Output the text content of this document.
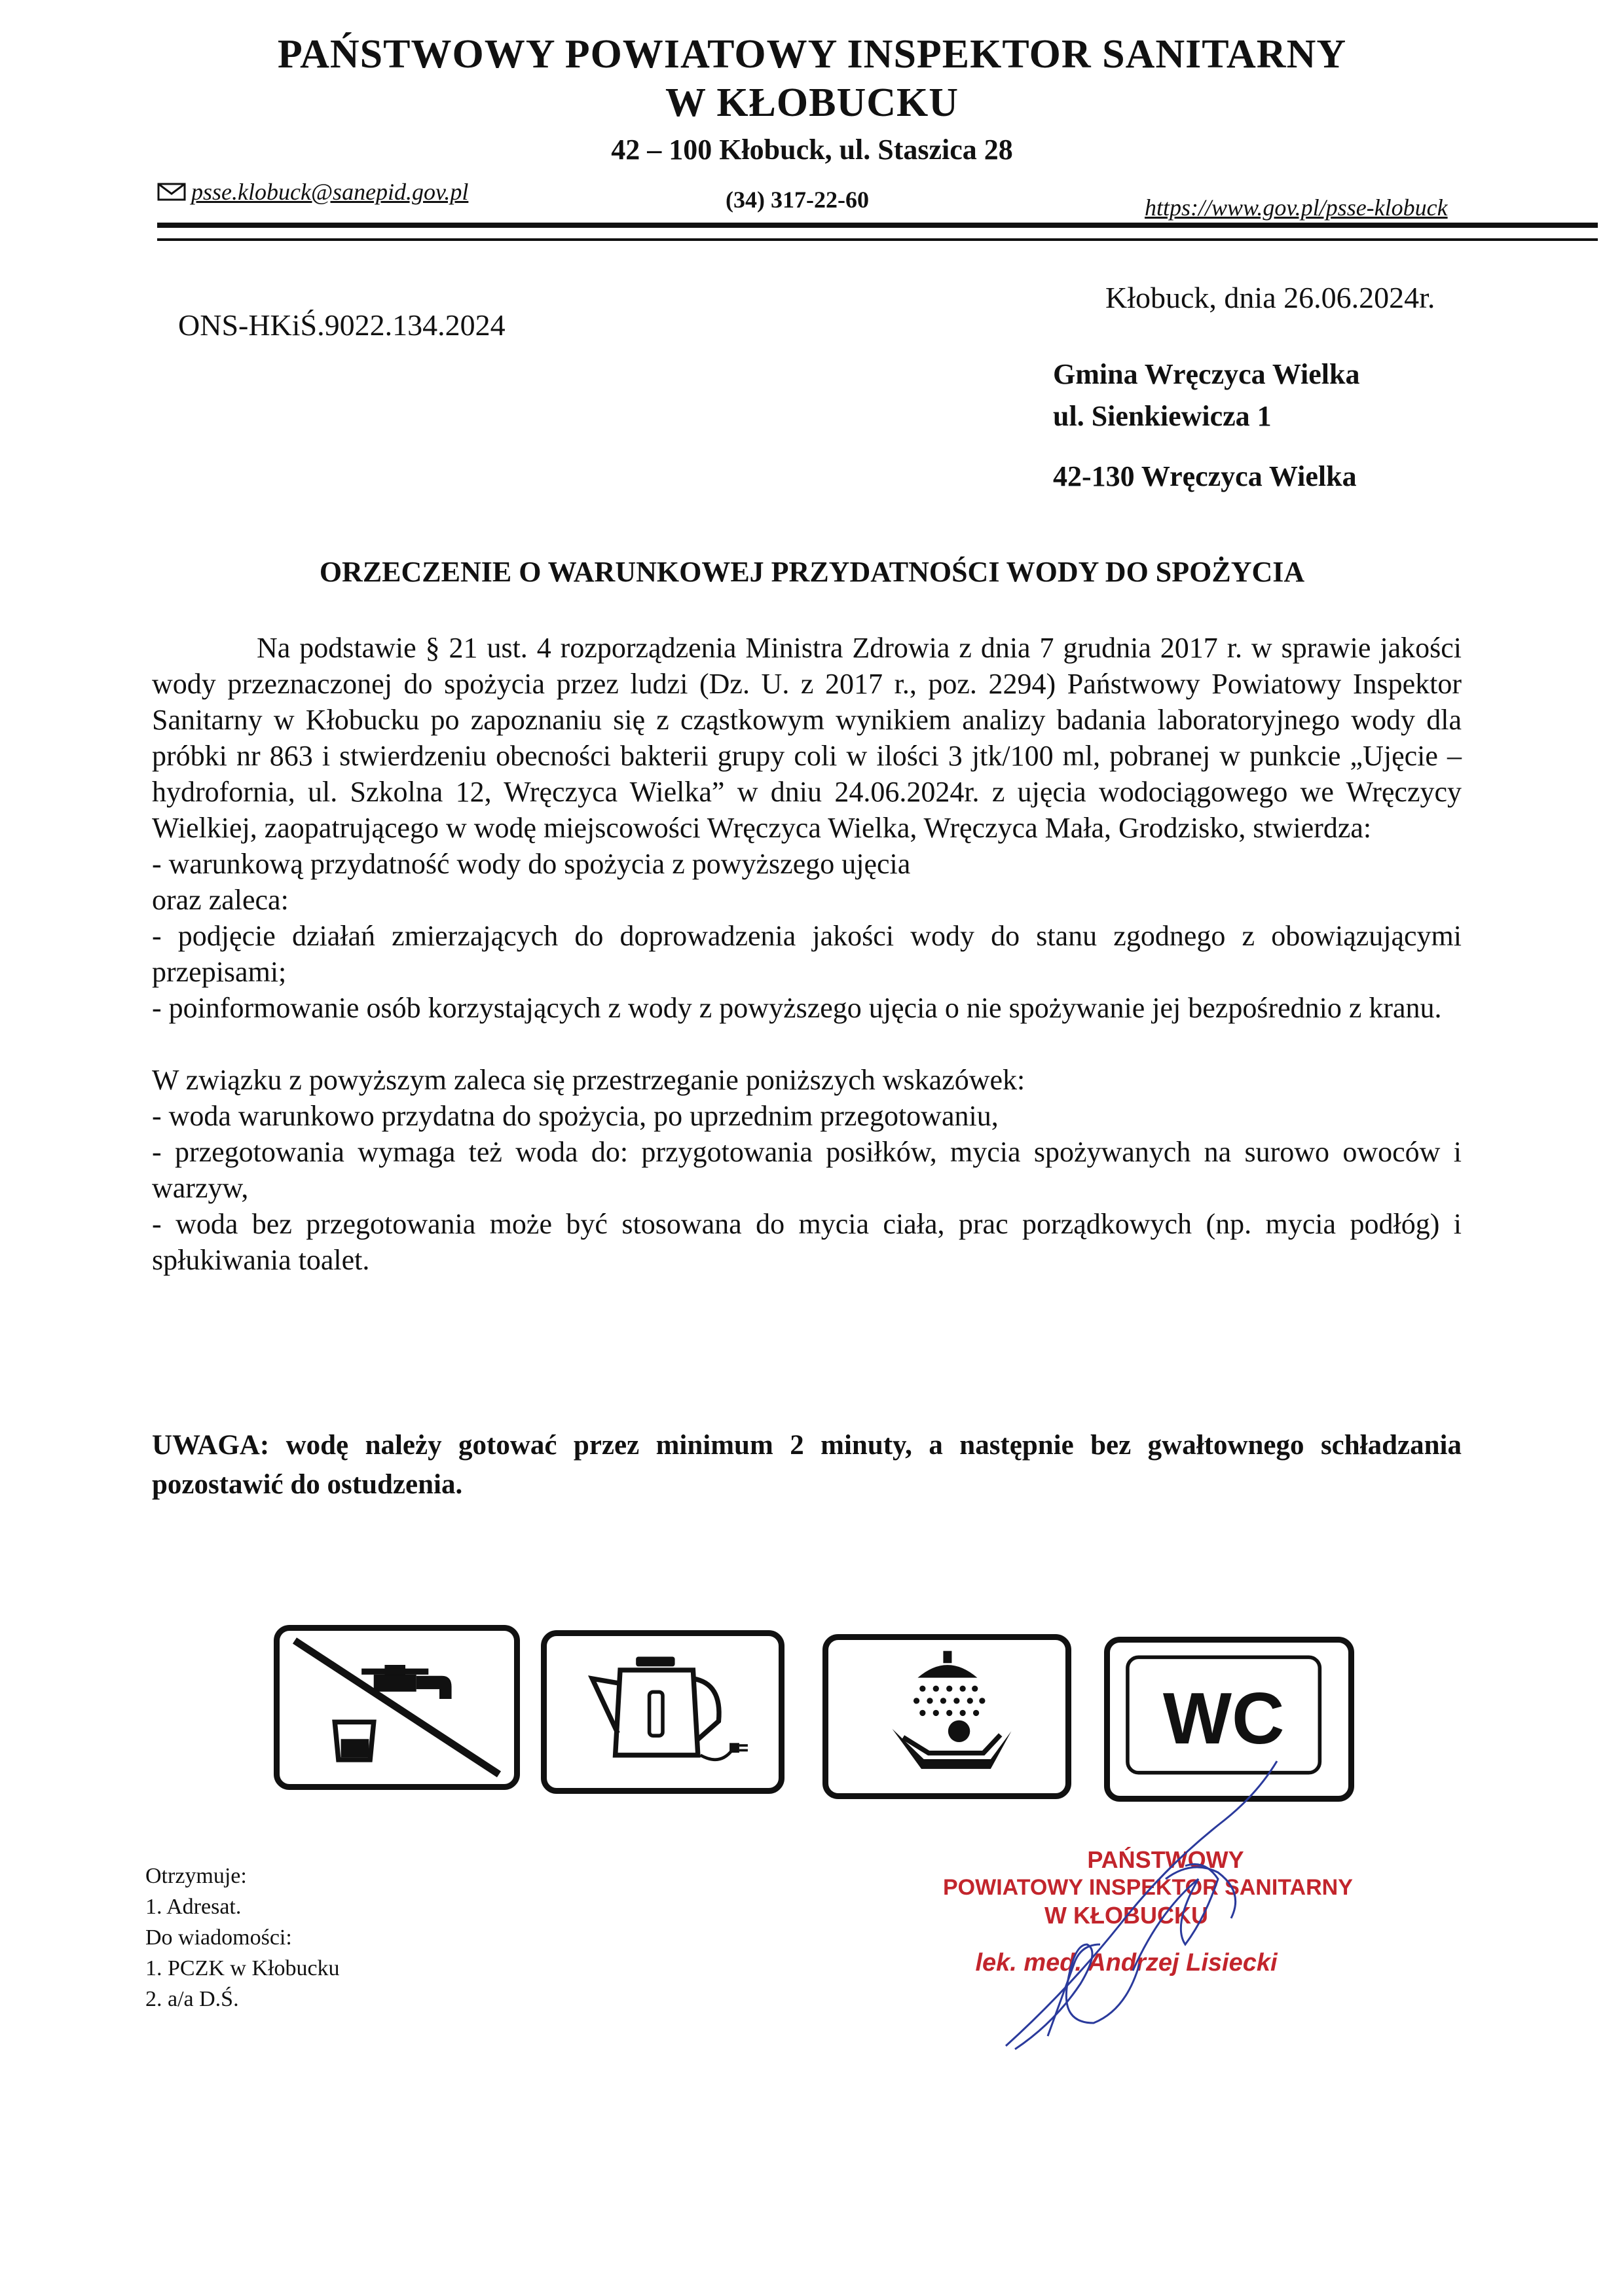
PAŃSTWOWY POWIATOWY INSPEKTOR SANITARNY
W KŁOBUCKU
42 – 100 Kłobuck, ul. Staszica 28
psse.klobuck@sanepid.gov.pl	(34) 317-22-60	https://www.gov.pl/psse-klobuck
ONS-HKiŚ.9022.134.2024
Kłobuck, dnia 26.06.2024r.
Gmina Wręczyca Wielka
ul. Sienkiewicza 1
42-130 Wręczyca Wielka
ORZECZENIE O WARUNKOWEJ PRZYDATNOŚCI WODY DO SPOŻYCIA

Na podstawie § 21 ust. 4 rozporządzenia Ministra Zdrowia z dnia 7 grudnia 2017 r. w sprawie jakości wody przeznaczonej do spożycia przez ludzi (Dz. U. z 2017 r., poz. 2294) Państwowy Powiatowy Inspektor Sanitarny w Kłobucku po zapoznaniu się z cząstkowym wynikiem analizy badania laboratoryjnego wody dla próbki nr 863 i stwierdzeniu obecności bakterii grupy coli w ilości 3 jtk/100 ml, pobranej w punkcie „Ujęcie – hydrofornia, ul. Szkolna 12, Wręczyca Wielka” w dniu 24.06.2024r. z ujęcia wodociągowego we Wręczycy Wielkiej, zaopatrującego w wodę miejscowości Wręczyca Wielka, Wręczyca Mała, Grodzisko, stwierdza:

- warunkową przydatność wody do spożycia z powyższego ujęcia

oraz zaleca:

- podjęcie działań zmierzających do doprowadzenia jakości wody do stanu zgodnego z obowiązującymi przepisami;

- poinformowanie osób korzystających z wody z powyższego ujęcia o nie spożywanie jej bezpośrednio z kranu.

W związku z powyższym zaleca się przestrzeganie poniższych wskazówek:

- woda warunkowo przydatna do spożycia, po uprzednim przegotowaniu,

- przegotowania wymaga też woda do: przygotowania posiłków, mycia spożywanych na surowo owoców i warzyw,

- woda bez przegotowania może być stosowana do mycia ciała, prac porządkowych (np. mycia podłóg) i spłukiwania toalet.

UWAGA: wodę należy gotować przez minimum 2 minuty, a następnie bez gwałtownego schładzania pozostawić do ostudzenia.
WC
Otrzymuje:
1. Adresat.
Do wiadomości:
1. PCZK w Kłobucku
2. a/a D.Ś.
PAŃSTWOWY
POWIATOWY INSPEKTOR SANITARNY
W KŁOBUCKU
lek. med. Andrzej Lisiecki
